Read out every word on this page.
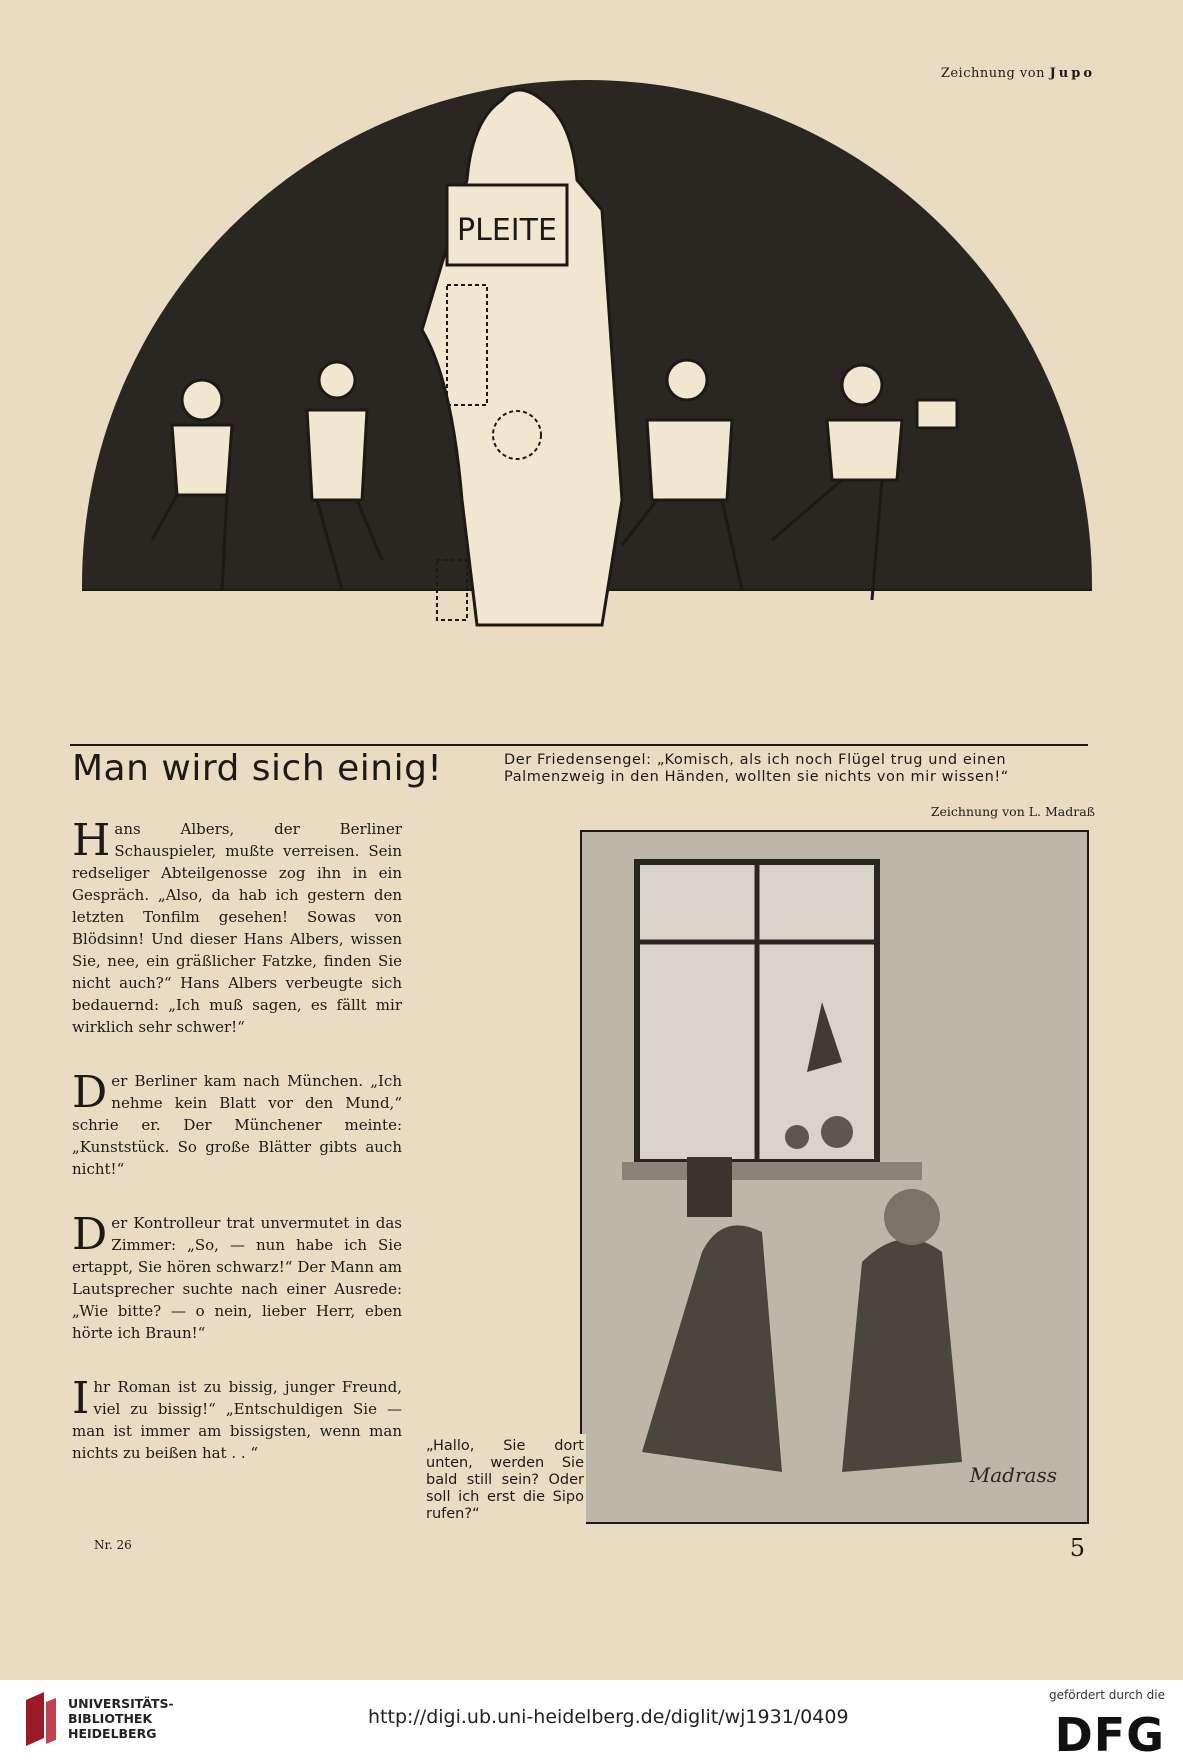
Zeichnung von Jupo
PLEITE
Man wird sich einig!	Der Friedensengel: „Komisch, als ich noch Flügel trug und einen Palmenzweig in den Händen, wollten sie nichts von mir wissen!“
Zeichnung von L. Madraß

Hans Albers, der Berliner Schauspieler, mußte verreisen. Sein redseliger Abteilgenosse zog ihn in ein Gespräch. „Also, da hab ich gestern den letzten Tonfilm gesehen! Sowas von Blödsinn! Und dieser Hans Albers, wissen Sie, nee, ein gräßlicher Fatzke, finden Sie nicht auch?“ Hans Albers verbeugte sich bedauernd: „Ich muß sagen, es fällt mir wirklich sehr schwer!“

Der Berliner kam nach München. „Ich nehme kein Blatt vor den Mund,“ schrie er. Der Münchener meinte: „Kunststück. So große Blätter gibts auch nicht!“

Der Kontrolleur trat unvermutet in das Zimmer: „So, — nun habe ich Sie ertappt, Sie hören schwarz!“ Der Mann am Lautsprecher suchte nach einer Ausrede: „Wie bitte? — o nein, lieber Herr, eben hörte ich Braun!“

Ihr Roman ist zu bissig, junger Freund, viel zu bissig!“ „Entschuldigen Sie — man ist immer am bissigsten, wenn man nichts zu beißen hat . . “

Madrass
„Hallo, Sie dort unten, werden Sie bald still sein? Oder soll ich erst die Sipo rufen?“
Nr. 26	5
UNIVERSITÄTS-
BIBLIOTHEK
HEIDELBERG
http://digi.ub.uni-heidelberg.de/diglit/wj1931/0409
gefördert durch die
DFG
